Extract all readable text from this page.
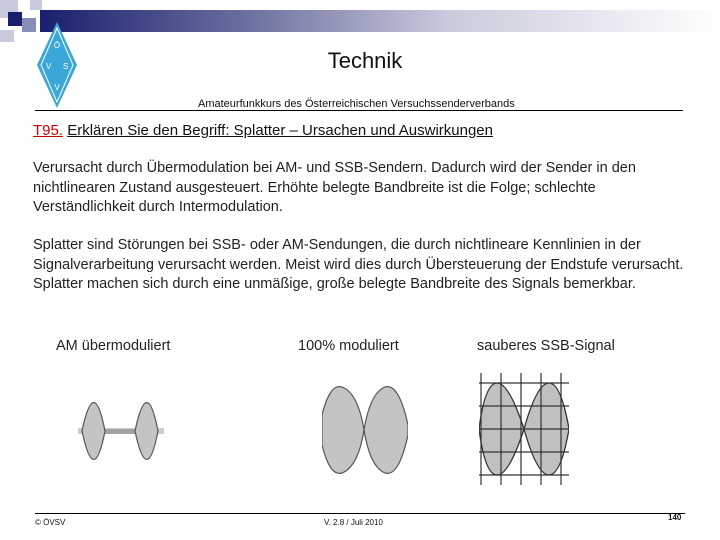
Ö
V S
V
Technik
Amateurfunkkurs des Österreichischen Versuchssenderverbands
T95. Erklären Sie den Begriff: Splatter – Ursachen und Auswirkungen
Verursacht durch Übermodulation bei AM- und SSB-Sendern. Dadurch wird der Sender in den nichtlinearen Zustand ausgesteuert. Erhöhte belegte Bandbreite ist die Folge; schlechte Verständlichkeit durch Intermodulation.
Splatter sind Störungen bei SSB- oder AM-Sendungen, die durch nichtlineare Kennlinien in der Signalverarbeitung verursacht werden. Meist wird dies durch Übersteuerung der Endstufe verursacht. Splatter machen sich durch eine unmäßige, große belegte Bandbreite des Signals bemerkbar.
AM übermoduliert	100% moduliert	sauberes SSB-Signal
© ÖVSV	V. 2.8 / Juli 2010
140
